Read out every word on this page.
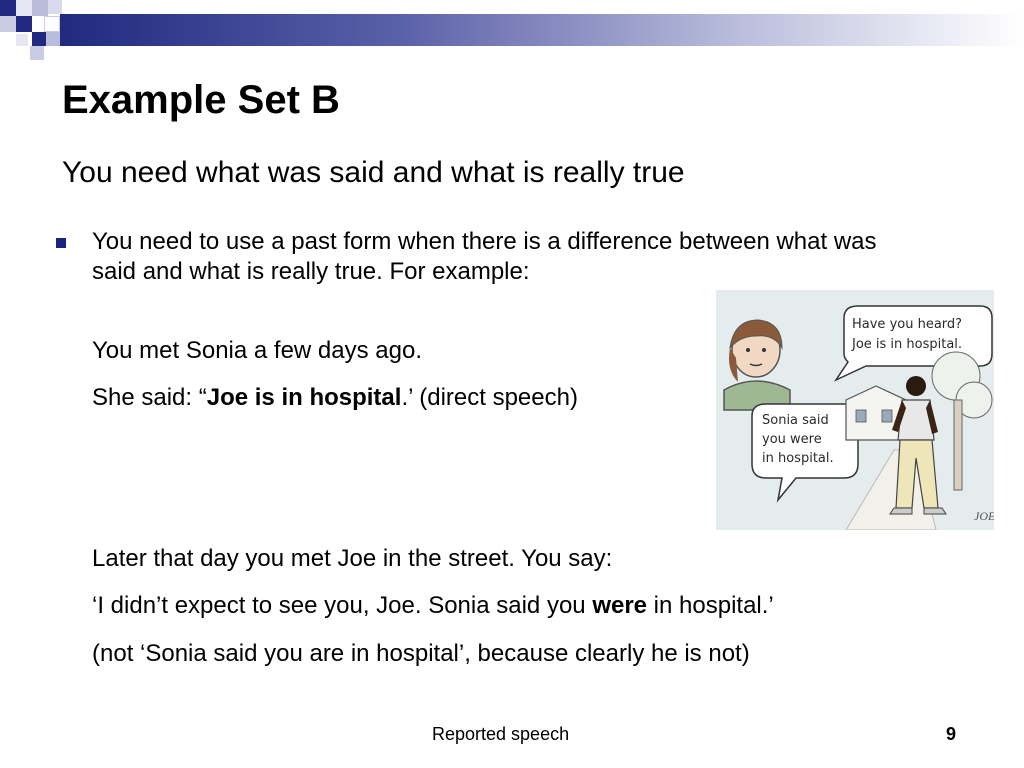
Example Set B
You need what was said and what is really true
You need to use a past form when there is a difference between what was said and what is really true. For example:
You met Sonia a few days ago.
She said: “Joe is in hospital.’ (direct speech)
Later that day you met Joe in the street. You say:
‘I didn’t expect to see you, Joe. Sonia said you were in hospital.’
(not ‘Sonia said you are in hospital’, because clearly he is not)
Have you heard?
Joe is in hospital.
Sonia said
you were
in hospital.
JOE
Reported speech	9
